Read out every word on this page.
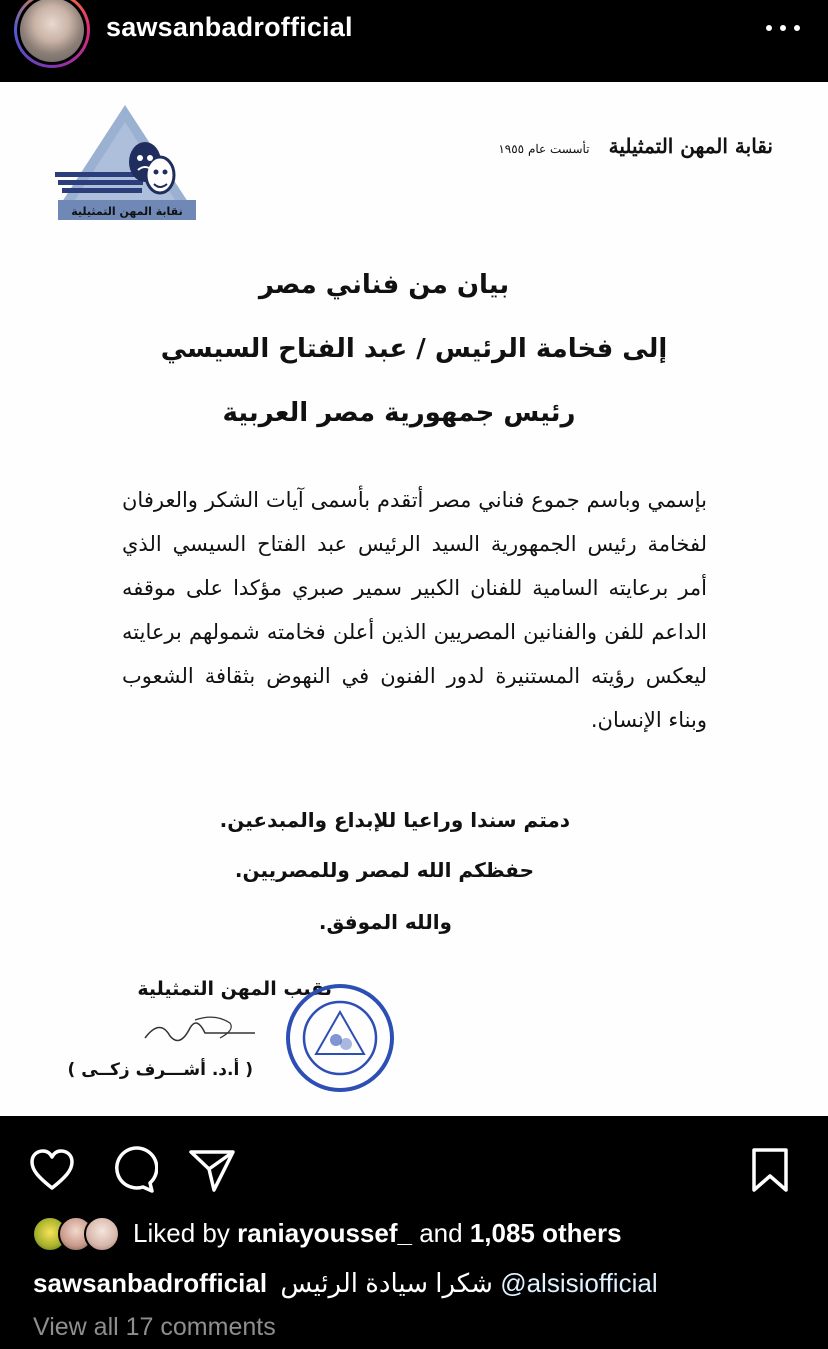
sawsanbadrofficial
نقابة المهن التمثيلية
نقابة المهن التمثيلية تأسست عام ١٩٥٥
بيان من فناني مصر
إلى فخامة الرئيس / عبد الفتاح السيسي
رئيس جمهورية مصر العربية
بإسمي وباسم جموع فناني مصر أتقدم بأسمى آيات الشكر والعرفان لفخامة رئيس الجمهورية السيد الرئيس عبد الفتاح السيسي الذي أمر برعايته السامية للفنان الكبير سمير صبري مؤكدا على موقفه الداعم للفن والفنانين المصريين الذين أعلن فخامته شمولهم برعايته ليعكس رؤيته المستنيرة لدور الفنون في النهوض بثقافة الشعوب وبناء الإنسان.
دمتم سندا وراعيا للإبداع والمبدعين.
حفظكم الله لمصر وللمصريين.
والله الموفق.
نقيب المهن التمثيلية
( أ.د. أشـــرف زكــى )
Liked by raniayoussef_ and 1,085 others
sawsanbadrofficial شكرا سيادة الرئيس @alsisiofficial
View all 17 comments
